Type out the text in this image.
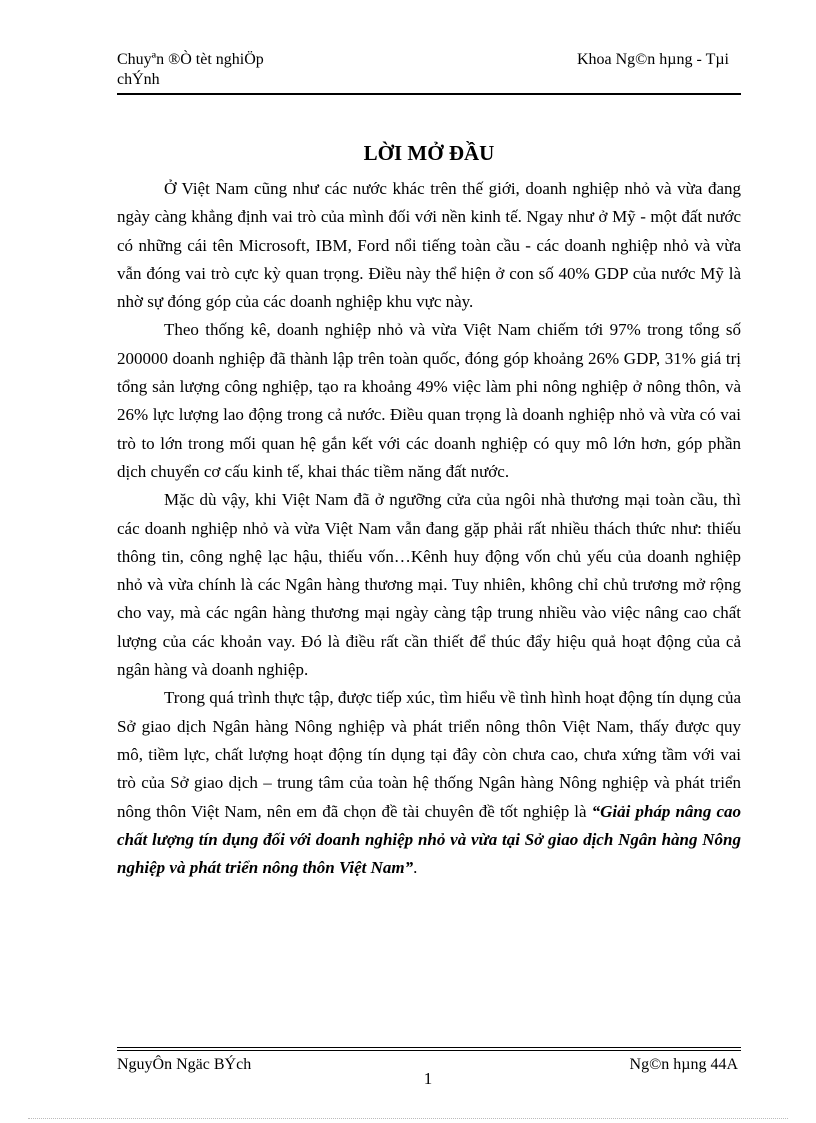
Chuyªn ®Ò tèt nghiÖp
chÝnh
Khoa Ng©n hµng - Tµi
LỜI MỞ ĐẦU

Ở Việt Nam cũng như các nước khác trên thế giới, doanh nghiệp nhỏ và vừa đang ngày càng khẳng định vai trò của mình đối với nền kinh tế. Ngay như ở Mỹ - một đất nước có những cái tên Microsoft, IBM, Ford nổi tiếng toàn cầu - các doanh nghiệp nhỏ và vừa vẫn đóng vai trò cực kỳ quan trọng. Điều này thể hiện ở con số 40% GDP của nước Mỹ là nhờ sự đóng góp của các doanh nghiệp khu vực này.

Theo thống kê, doanh nghiệp nhỏ và vừa Việt Nam chiếm tới 97% trong tổng số 200000 doanh nghiệp đã thành lập trên toàn quốc, đóng góp khoảng 26% GDP, 31% giá trị tổng sản lượng công nghiệp, tạo ra khoảng 49% việc làm phi nông nghiệp ở nông thôn, và 26% lực lượng lao động trong cả nước. Điều quan trọng là doanh nghiệp nhỏ và vừa có vai trò to lớn trong mối quan hệ gắn kết với các doanh nghiệp có quy mô lớn hơn, góp phần dịch chuyển cơ cấu kinh tế, khai thác tiềm năng đất nước.

Mặc dù vậy, khi Việt Nam đã ở ngưỡng cửa của ngôi nhà thương mại toàn cầu, thì các doanh nghiệp nhỏ và vừa Việt Nam vẫn đang gặp phải rất nhiều thách thức như: thiếu thông tin, công nghệ lạc hậu, thiếu vốn…Kênh huy động vốn chủ yếu của doanh nghiệp nhỏ và vừa chính là các Ngân hàng thương mại. Tuy nhiên, không chỉ chủ trương mở rộng cho vay, mà các ngân hàng thương mại ngày càng tập trung nhiều vào việc nâng cao chất lượng của các khoản vay. Đó là điều rất cần thiết để thúc đẩy hiệu quả hoạt động của cả ngân hàng và doanh nghiệp.

Trong quá trình thực tập, được tiếp xúc, tìm hiểu về tình hình hoạt động tín dụng của Sở giao dịch Ngân hàng Nông nghiệp và phát triển nông thôn Việt Nam, thấy được quy mô, tiềm lực, chất lượng hoạt động tín dụng tại đây còn chưa cao, chưa xứng tầm với vai trò của Sở giao dịch – trung tâm của toàn hệ thống Ngân hàng Nông nghiệp và phát triển nông thôn Việt Nam, nên em đã chọn đề tài chuyên đề tốt nghiệp là “Giải pháp nâng cao chất lượng tín dụng đối với doanh nghiệp nhỏ và vừa tại Sở giao dịch Ngân hàng Nông nghiệp và phát triển nông thôn Việt Nam”.

NguyÔn Ngäc BÝch	Ng©n hµng 44A
1
